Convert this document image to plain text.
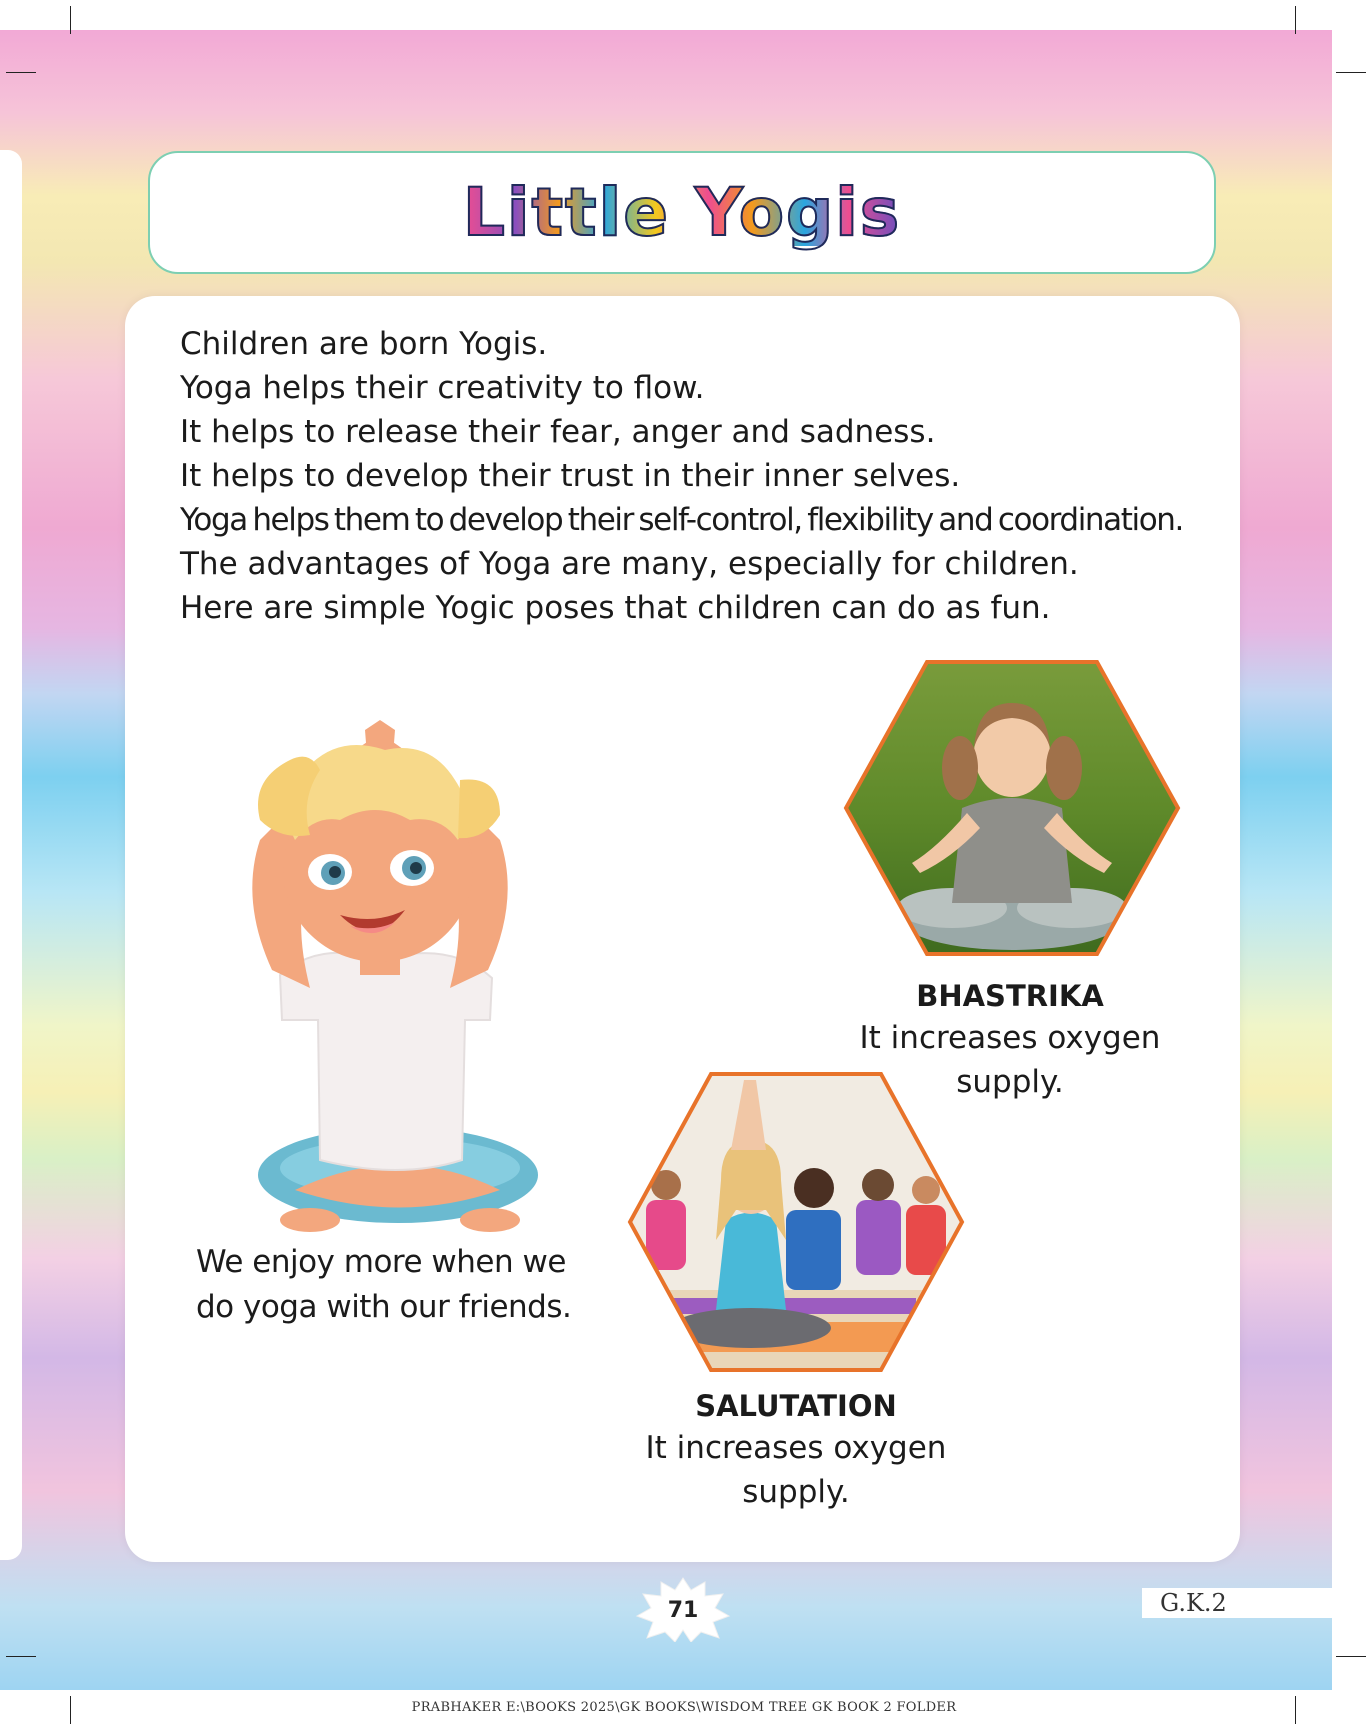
Little Yogis
Children are born Yogis.
Yoga helps their creativity to flow.
It helps to release their fear, anger and sadness.
It helps to develop their trust in their inner selves.
Yoga helps them to develop their self-control, flexibility and coordination.
The advantages of Yoga are many, especially for children.
Here are simple Yogic poses that children can do as fun.
We enjoy more when we
do yoga with our friends.
BHASTRIKA
It increases oxygen
supply.
SALUTATION
It increases oxygen
supply.
71	G.K.2
PRABHAKER E:\BOOKS 2025\GK BOOKS\WISDOM TREE GK BOOK 2 FOLDER
